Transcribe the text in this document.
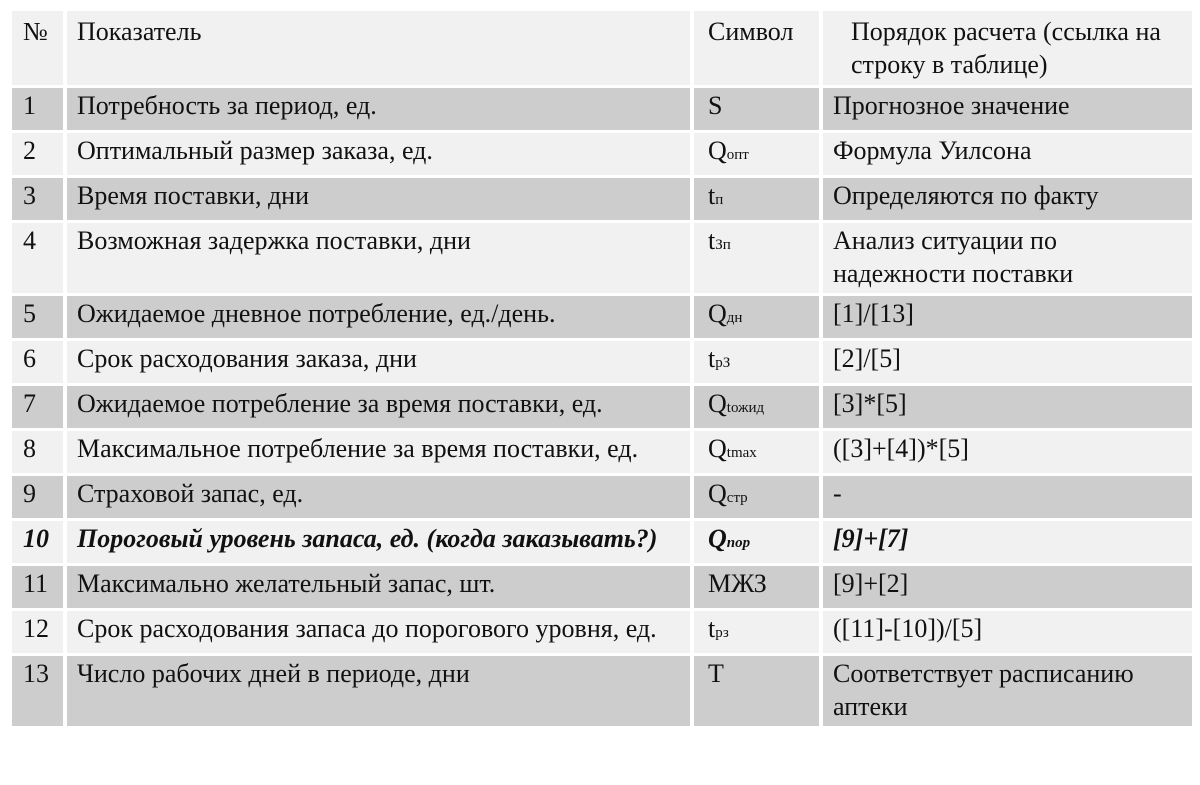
№	Показатель	Символ	Порядок расчета (ссылка на строку в таблице)
1	Потребность за период, ед.	S	Прогнозное значение
2	Оптимальный размер заказа, ед.	Qопт	Формула Уилсона
3	Время поставки, дни	tп	Определяются по факту
4	Возможная задержка поставки, дни	tЗп	Анализ ситуации по надежности поставки
5	Ожидаемое дневное потребление, ед./день.	Qдн	[1]/[13]
6	Срок расходования заказа, дни	tрЗ	[2]/[5]
7	Ожидаемое потребление за время поставки, ед.	Qtожид	[3]*[5]
8	Максимальное потребление за время поставки, ед.	Qtmax	([3]+[4])*[5]
9	Страховой запас, ед.	Qстр	-
10	Пороговый уровень запаса, ед. (когда заказывать?)	Qпор	[9]+[7]
11	Максимально желательный запас, шт.	МЖЗ	[9]+[2]
12	Срок расходования запаса до порогового уровня, ед.	tрз	([11]-[10])/[5]
13	Число рабочих дней в периоде, дни	T	Соответствует расписанию аптеки
